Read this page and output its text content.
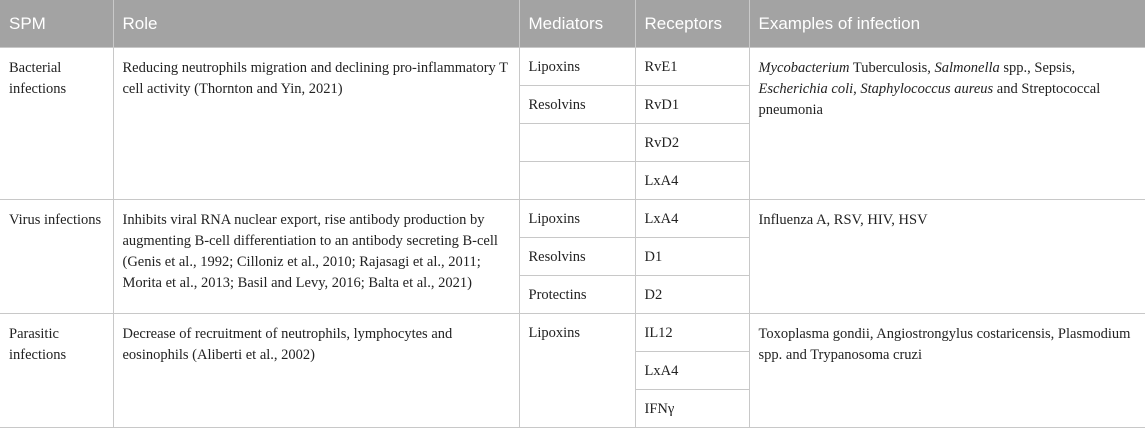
SPM	Role	Mediators	Receptors	Examples of infection
Bacterial infections	Reducing neutrophils migration and declining pro-inflammatory T cell activity (Thornton and Yin, 2021)	Lipoxins	RvE1	Mycobacterium Tuberculosis, Salmonella spp., Sepsis, Escherichia coli, Staphylococcus aureus and Streptococcal pneumonia
		Resolvins	RvD1	
			RvD2	
			LxA4	
Virus infections	Inhibits viral RNA nuclear export, rise antibody production by augmenting B-cell differentiation to an antibody secreting B-cell (Genis et al., 1992; Cilloniz et al., 2010; Rajasagi et al., 2011; Morita et al., 2013; Basil and Levy, 2016; Balta et al., 2021)	Lipoxins	LxA4	Influenza A, RSV, HIV, HSV
		Resolvins	D1	
		Protectins	D2	
Parasitic infections	Decrease of recruitment of neutrophils, lymphocytes and eosinophils (Aliberti et al., 2002)	Lipoxins	IL12	Toxoplasma gondii, Angiostrongylus costaricensis, Plasmodium spp. and Trypanosoma cruzi
			LxA4	
			IFNγ	
